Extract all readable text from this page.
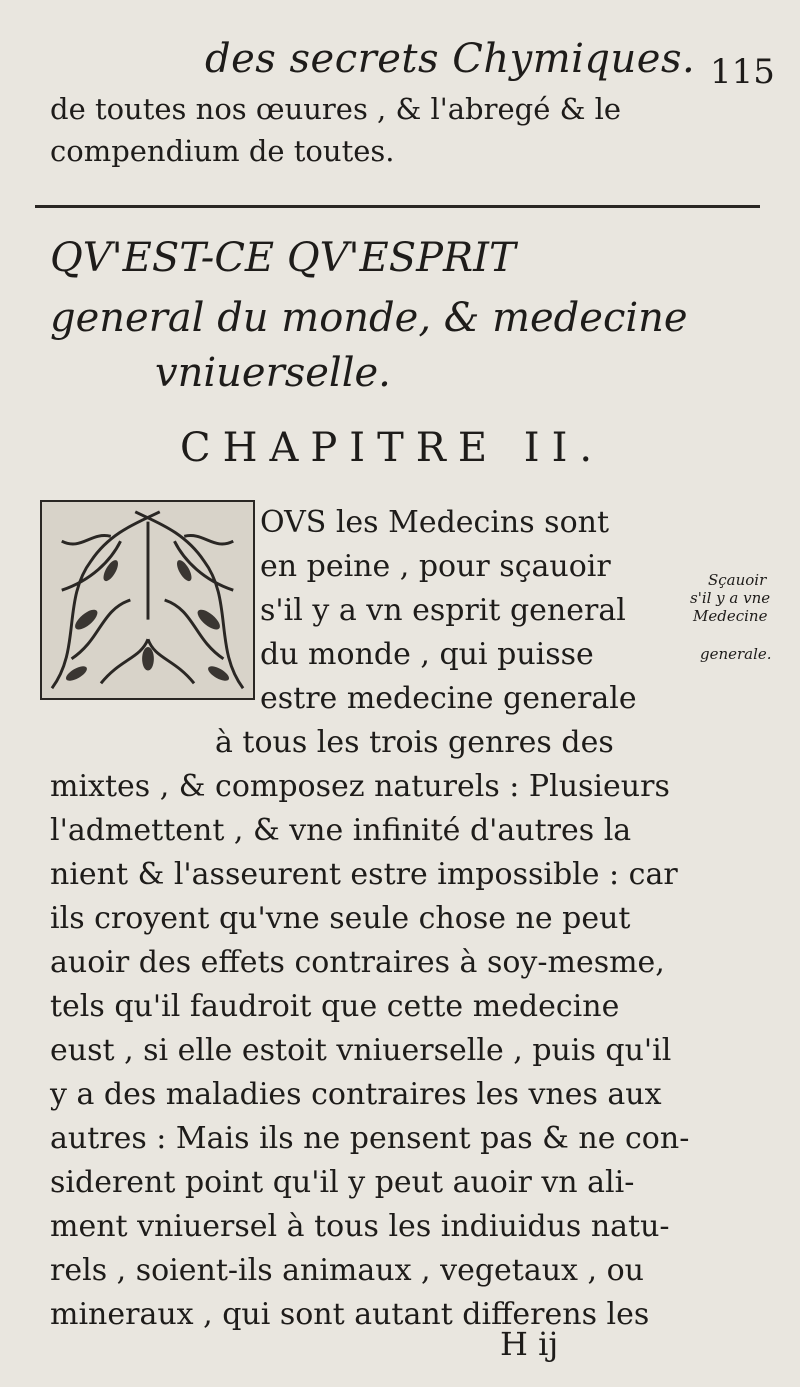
des secrets Chymiques. 115
de toutes nos œuures , & l'abregé & le
compendium de toutes.
QV'EST-CE QV'ESPRIT
general du monde, & medecine
vniuerselle.
CHAPITRE II.
OVS les Medecins sont
en peine , pour sçauoir
s'il y a vn esprit general
du monde , qui puisse
estre medecine generale
à tous les trois genres des
mixtes , & composez naturels : Plusieurs
l'admettent , & vne infinité d'autres la
nient & l'asseurent estre impossible : car
ils croyent qu'vne seule chose ne peut
auoir des effets contraires à soy-mesme,
tels qu'il faudroit que cette medecine
eust , si elle estoit vniuerselle , puis qu'il
y a des maladies contraires les vnes aux
autres : Mais ils ne pensent pas & ne con-
siderent point qu'il y peut auoir vn ali-
ment vniuersel à tous les indiuidus natu-
rels , soient-ils animaux , vegetaux , ou
mineraux , qui sont autant differens les
Sçauoir
s'il y a vne
Medecine
generale.
H ij
